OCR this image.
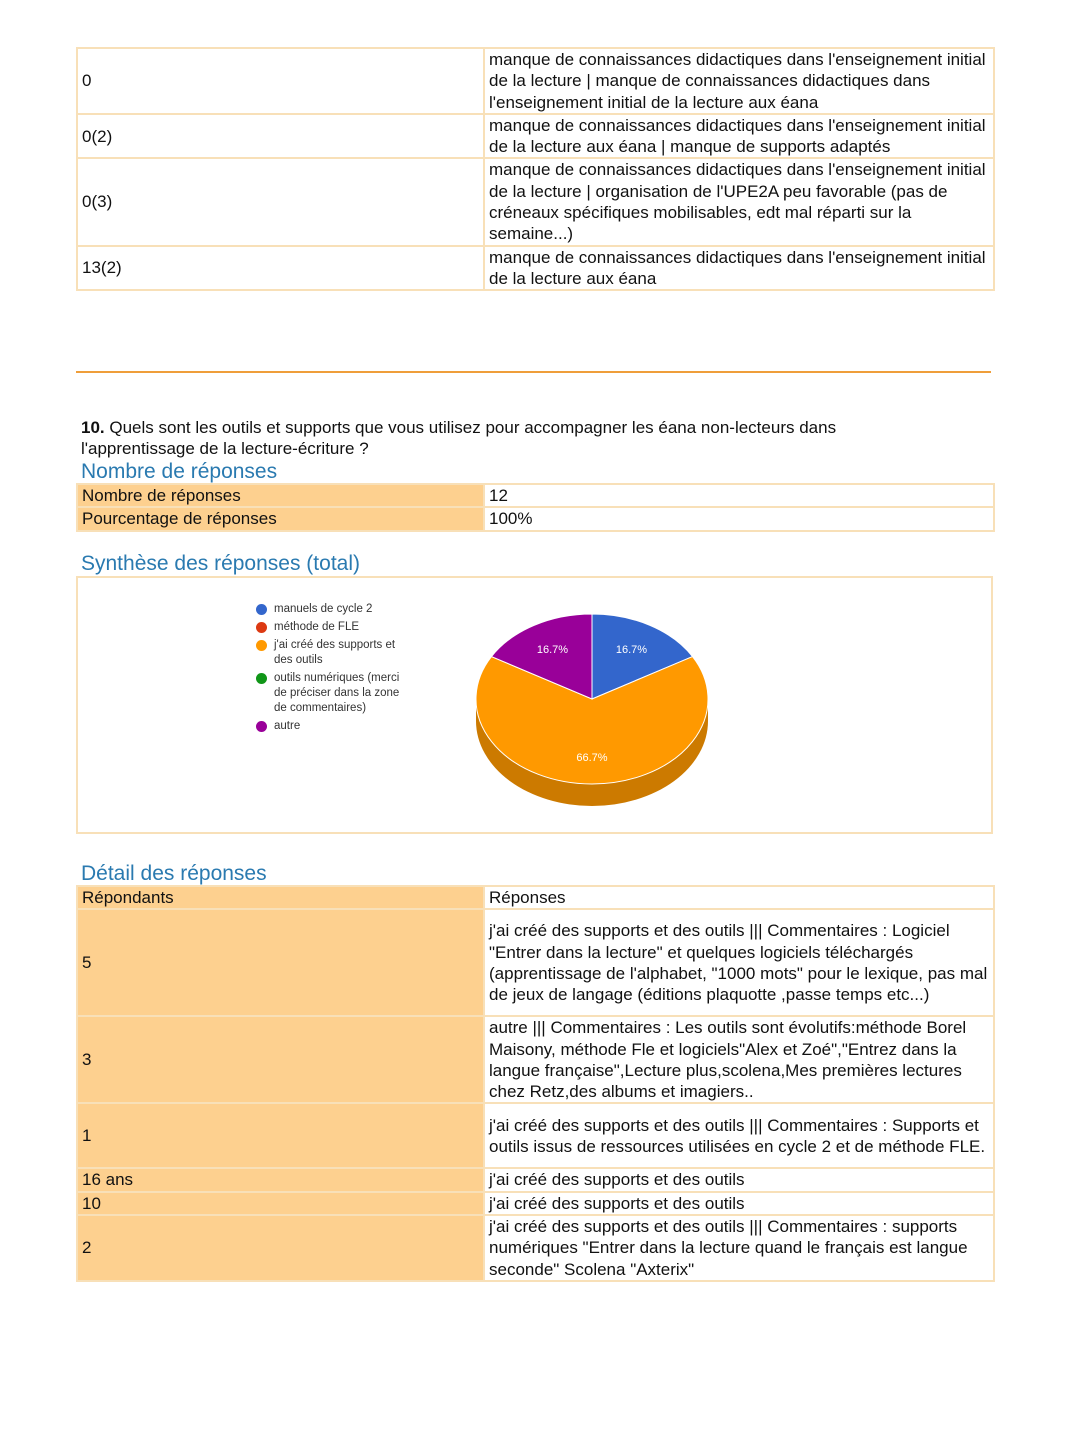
0	manque de connaissances didactiques dans l'enseignement initial de la lecture | manque de connaissances didactiques dans l'enseignement initial de la lecture aux éana
0(2)	manque de connaissances didactiques dans l'enseignement initial de la lecture aux éana | manque de supports adaptés
0(3)	manque de connaissances didactiques dans l'enseignement initial de la lecture | organisation de l'UPE2A peu favorable (pas de créneaux spécifiques mobilisables, edt mal réparti sur la semaine...)
13(2)	manque de connaissances didactiques dans l'enseignement initial de la lecture aux éana
10. Quels sont les outils et supports que vous utilisez pour accompagner les éana non-lecteurs dans l'apprentissage de la lecture-écriture ?
Nombre de réponses
Nombre de réponses	12
Pourcentage de réponses	100%
Synthèse des réponses (total)
manuels de cycle 2
méthode de FLE
j'ai créé des supports et
des outils
outils numériques (merci
de préciser dans la zone
de commentaires)
autre
16.7%
66.7%
16.7%
Détail des réponses
Répondants	Réponses
5	j'ai créé des supports et des outils ||| Commentaires : Logiciel "Entrer dans la lecture" et quelques logiciels téléchargés (apprentissage de l'alphabet, "1000 mots" pour le lexique, pas mal de jeux de langage (éditions plaquotte ,passe temps etc...)
3	autre ||| Commentaires : Les outils sont évolutifs:méthode Borel Maisony, méthode Fle et logiciels"Alex et Zoé","Entrez dans la langue française",Lecture plus,scolena,Mes premières lectures chez Retz,des albums et imagiers..
1	j'ai créé des supports et des outils ||| Commentaires : Supports et outils issus de ressources utilisées en cycle 2 et de méthode FLE.
16 ans	j'ai créé des supports et des outils
10	j'ai créé des supports et des outils
2	j'ai créé des supports et des outils ||| Commentaires : supports numériques "Entrer dans la lecture quand le français est langue seconde" Scolena "Axterix"
